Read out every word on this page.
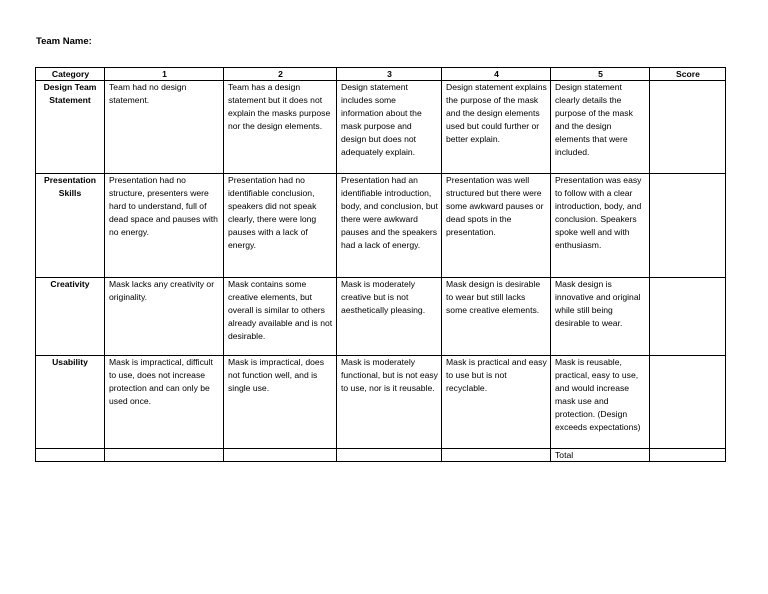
Team Name:
Category	1	2	3	4	5	Score
Design Team Statement	Team had no design statement.	Team has a design statement but it does not explain the masks purpose nor the design elements.	Design statement includes some information about the mask purpose and design but does not adequately explain.	Design statement explains the purpose of the mask and the design elements used but could further or better explain.	Design statement clearly details the purpose of the mask and the design elements that were included.	
Presentation Skills	Presentation had no structure, presenters were hard to understand, full of dead space and pauses with no energy.	Presentation had no identifiable conclusion, speakers did not speak clearly, there were long pauses with a lack of energy.	Presentation had an identifiable introduction, body, and conclusion, but there were awkward pauses and the speakers had a lack of energy.	Presentation was well structured but there were some awkward pauses or dead spots in the presentation.	Presentation was easy to follow with a clear introduction, body, and conclusion. Speakers spoke well and with enthusiasm.	
Creativity	Mask lacks any creativity or originality.	Mask contains some creative elements, but overall is similar to others already available and is not desirable.	Mask is moderately creative but is not aesthetically pleasing.	Mask design is desirable to wear but still lacks some creative elements.	Mask design is innovative and original while still being desirable to wear.	
Usability	Mask is impractical, difficult to use, does not increase protection and can only be used once.	Mask is impractical, does not function well, and is single use.	Mask is moderately functional, but is not easy to use, nor is it reusable.	Mask is practical and easy to use but is not recyclable.	Mask is reusable, practical, easy to use, and would increase mask use and protection. (Design exceeds expectations)	
					Total	
